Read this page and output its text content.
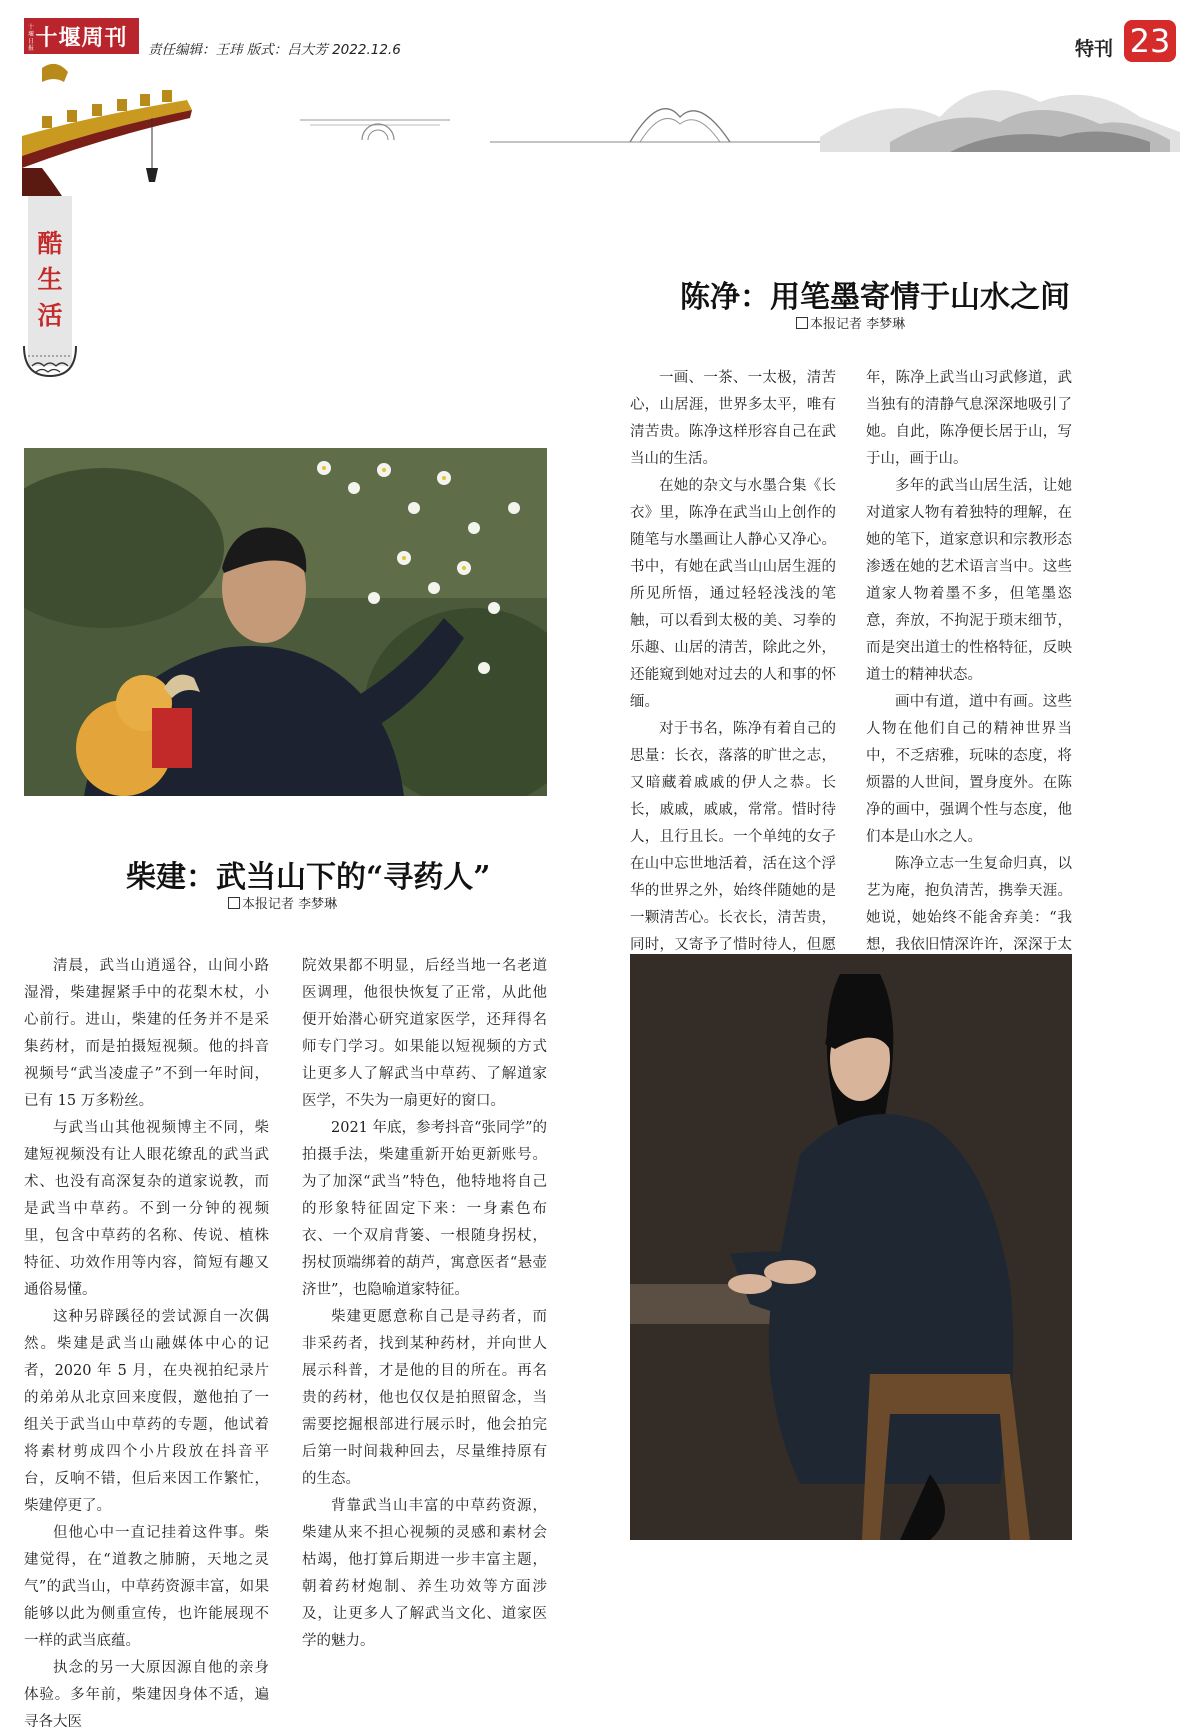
十堰日报 十堰周刊 责任编辑：王玮 版式：吕大芳 2022.12.6	特刊 23
酷
生
活
陈净：用笔墨寄情于山水之间
本报记者 李梦琳

一画、一茶、一太极，清苦心，山居涯，世界多太平，唯有清苦贵。陈净这样形容自己在武当山的生活。

在她的杂文与水墨合集《长衣》里，陈净在武当山上创作的随笔与水墨画让人静心又净心。书中，有她在武当山山居生涯的所见所悟，通过轻轻浅浅的笔触，可以看到太极的美、习拳的乐趣、山居的清苦，除此之外，还能窥到她对过去的人和事的怀缅。

对于书名，陈净有着自己的思量：长衣，落落的旷世之志，又暗藏着戚戚的伊人之恭。长长，戚戚，戚戚，常常。惜时待人，且行且长。一个单纯的女子在山中忘世地活着，活在这个浮华的世界之外，始终伴随她的是一颗清苦心。长衣长，清苦贵，同时，又寄予了惜时待人，但愿

年，陈净上武当山习武修道，武当独有的清静气息深深地吸引了她。自此，陈净便长居于山，写于山，画于山。

多年的武当山居生活，让她对道家人物有着独特的理解，在她的笔下，道家意识和宗教形态渗透在她的艺术语言当中。这些道家人物着墨不多，但笔墨恣意，奔放，不拘泥于琐末细节，而是突出道士的性格特征，反映道士的精神状态。

画中有道，道中有画。这些人物在他们自己的精神世界当中，不乏痞雅，玩味的态度，将烦嚣的人世间，置身度外。在陈净的画中，强调个性与态度，他们本是山水之人。

陈净立志一生复命归真，以艺为庵，抱负清苦，携拳天涯。她说，她始终不能舍弃美：“我想，我依旧情深许许，深深于太

柴建：武当山下的“寻药人”
本报记者 李梦琳

清晨，武当山逍遥谷，山间小路湿滑，柴建握紧手中的花梨木杖，小心前行。进山，柴建的任务并不是采集药材，而是拍摄短视频。他的抖音视频号“武当凌虚子”不到一年时间，已有 15 万多粉丝。

与武当山其他视频博主不同，柴建短视频没有让人眼花缭乱的武当武术、也没有高深复杂的道家说教，而是武当中草药。不到一分钟的视频里，包含中草药的名称、传说、植株特征、功效作用等内容，简短有趣又通俗易懂。

这种另辟蹊径的尝试源自一次偶然。柴建是武当山融媒体中心的记者，2020 年 5 月，在央视拍纪录片的弟弟从北京回来度假，邀他拍了一组关于武当山中草药的专题，他试着将素材剪成四个小片段放在抖音平台，反响不错，但后来因工作繁忙，柴建停更了。

但他心中一直记挂着这件事。柴建觉得，在“道教之肺腑，天地之灵气”的武当山，中草药资源丰富，如果能够以此为侧重宣传，也许能展现不一样的武当底蕴。

执念的另一大原因源自他的亲身体验。多年前，柴建因身体不适，遍寻各大医

院效果都不明显，后经当地一名老道医调理，他很快恢复了正常，从此他便开始潜心研究道家医学，还拜得名师专门学习。如果能以短视频的方式让更多人了解武当中草药、了解道家医学，不失为一扇更好的窗口。

2021 年底，参考抖音“张同学”的拍摄手法，柴建重新开始更新账号。为了加深“武当”特色，他特地将自己的形象特征固定下来：一身素色布衣、一个双肩背篓、一根随身拐杖，拐杖顶端绑着的葫芦，寓意医者“悬壶济世”，也隐喻道家特征。

柴建更愿意称自己是寻药者，而非采药者，找到某种药材，并向世人展示科普，才是他的目的所在。再名贵的药材，他也仅仅是拍照留念，当需要挖掘根部进行展示时，他会拍完后第一时间栽种回去，尽量维持原有的生态。

背靠武当山丰富的中草药资源，柴建从来不担心视频的灵感和素材会枯竭，他打算后期进一步丰富主题，朝着药材炮制、养生功效等方面涉及，让更多人了解武当文化、道家医学的魅力。
